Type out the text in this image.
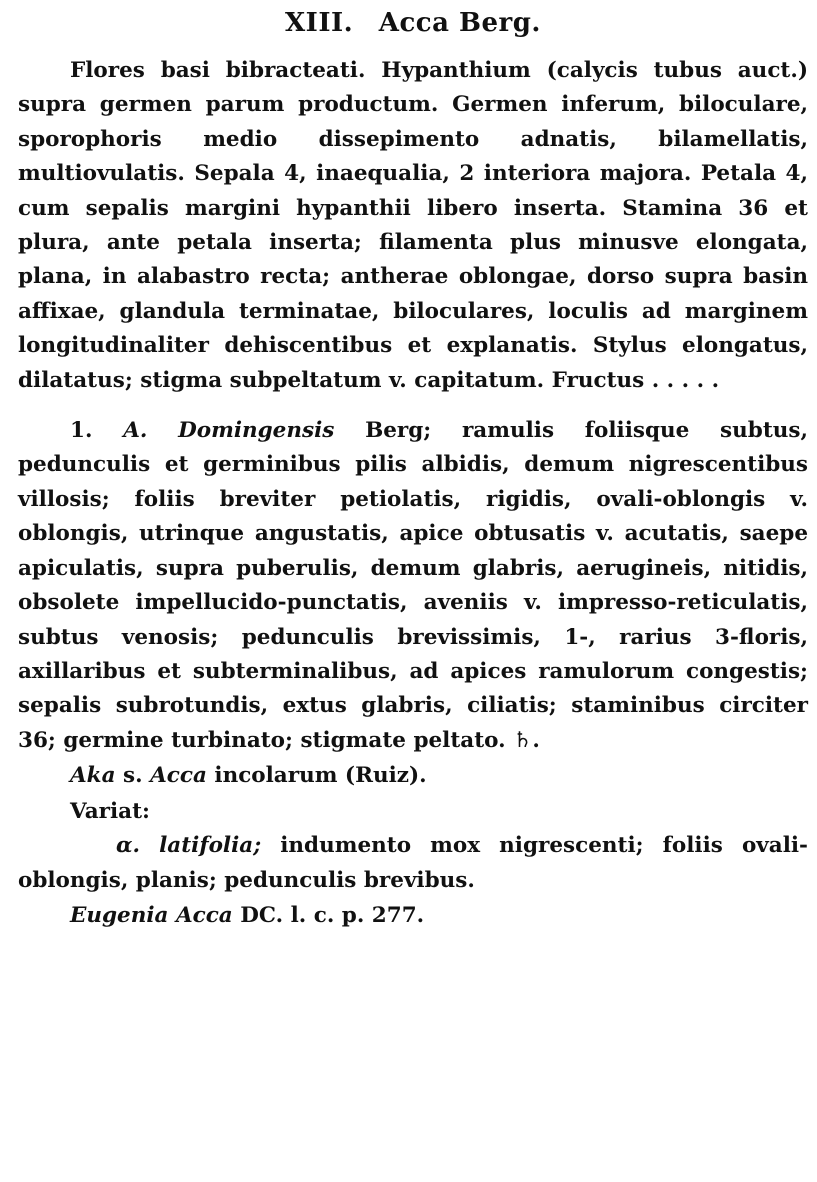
XIII. Acca Berg.

Flores basi bibracteati. Hypanthium (calycis tubus auct.) supra germen parum productum. Germen inferum, biloculare, sporophoris medio dissepimento adnatis, bilamellatis, multiovulatis. Sepala 4, inaequalia, 2 interiora majora. Petala 4, cum sepalis margini hypanthii libero inserta. Stamina 36 et plura, ante petala inserta; filamenta plus minusve elongata, plana, in alabastro recta; antherae oblongae, dorso supra basin affixae, glandula terminatae, biloculares, loculis ad marginem longitudinaliter dehiscentibus et explanatis. Stylus elongatus, dilatatus; stigma subpeltatum v. capitatum. Fructus . . . . .

1. A. Domingensis Berg; ramulis foliisque subtus, pedunculis et germinibus pilis albidis, demum nigrescentibus villosis; foliis breviter petiolatis, rigidis, ovali-oblongis v. oblongis, utrinque angustatis, apice obtusatis v. acutatis, saepe apiculatis, supra puberulis, demum glabris, aerugineis, nitidis, obsolete impellucido-punctatis, aveniis v. impresso-reticulatis, subtus venosis; pedunculis brevissimis, 1-, rarius 3-floris, axillaribus et subterminalibus, ad apices ramulorum congestis; sepalis subrotundis, extus glabris, ciliatis; staminibus circiter 36; germine turbinato; stigmate peltato. ♄.

Aka s. Acca incolarum (Ruiz).

Variat:

α. latifolia; indumento mox nigrescenti; foliis ovali-oblongis, planis; pedunculis brevibus.

Eugenia Acca DC. l. c. p. 277.
